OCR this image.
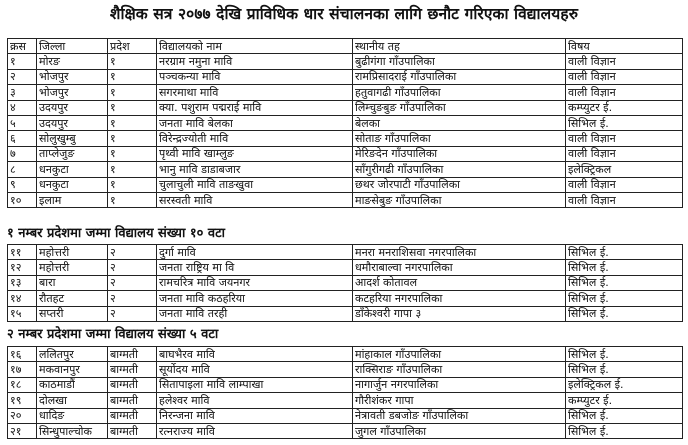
शैक्षिक सत्र २०७७ देखि प्राविधिक धार संचालनका लागि छनौट गरिएका विद्यालयहरु
क्रस	जिल्ला	प्रदेश	विद्यालयको नाम	स्थानीय तह	विषय
१	मोरङ	१	नरग्राम नमुना मावि	बुढीगंगा गाँउपालिका	वाली विज्ञान
२	भोजपुर	१	पञ्चकन्या मावि	रामप्रिसादराई गाँउपालिका	वाली विज्ञान
३	भोजपुर	१	सगरमाथा मावि	हतुवागढी गाँउपालिका	वाली विज्ञान
४	उदयपुर	१	क्या. पशुराम पद्मराई मावि	लिम्चुङबुङ गाँउपालिका	कम्प्युटर ई.
५	उदयपुर	१	जनता मावि बेलका	बेलका	सिभिल ई.
६	सोलुखुम्बु	१	विरेन्द्रज्योती मावि	सोताङ गाँउपालिका	वाली विज्ञान
७	ताप्लेजुङ	१	पृथ्वी मावि खाम्लुङ	मेरिङदेन गाँउपालिका	वाली विज्ञान
८	धनकुटा	१	भानु मावि डाडाबजार	साँगुरीगढी गाँउपालिका	इलेक्ट्रिकल
९	धनकुटा	१	चुलाचुली मावि ताङखुवा	छथर जोरपाटी गाँउपालिका	वाली विज्ञान
१०	इलाम	१	सरस्वती मावि	माङसेबुङ गाँउपालिका	वाली विज्ञान
१ नम्बर प्रदेशमा जम्मा विद्यालय संख्या १० वटा
११	महोत्तरी	२	दुर्गा मावि	मनरा मनराशिसवा नगरपालिका	सिभिल ई.
१२	महोत्तरी	२	जनता राष्ट्रिय मा वि	धमौराबाल्वा नगरपालिका	सिभिल ई.
१३	बारा	२	रामचरित्र मावि जयनगर	आदर्श कोतावल	सिभिल ई.
१४	रौतहट	२	जनता मावि कठहरिया	कटहरिया नगरपालिका	सिभिल ई.
१५	सप्तरी	२	जनता मावि तरही	डाँकेश्वरी गापा ३	सिभिल ई.
२ नम्बर प्रदेशमा जम्मा विद्यालय संख्या ५ वटा
१६	ललितपुर	बाग्मती	बाघभैरव मावि	मांहाकाल गाँउपालिका	सिभिल ई.
१७	मकवानपुर	बाग्मती	सूर्योदय मावि	राक्सिराङ गाँउपालिका	सिभिल ई.
१८	काठमाडौं	बाग्मती	सितापाइला मावि लाम्पाखा	नागार्जुन नगरपालिका	इलेक्ट्रिकल ई.
१९	दोलखा	बाग्मती	हलेश्वर मावि	गौरीशंकर गापा	कम्प्युटर ई.
२०	धादिङ	बाग्मती	निरन्जना मावि	नेत्रावती डबजोङ गाँउपालिका	सिभिल ई.
२१	सिन्धुपाल्चोक	बाग्मती	रत्नराज्य मावि	जुगल गाँउपालिका	सिभिल ई.
